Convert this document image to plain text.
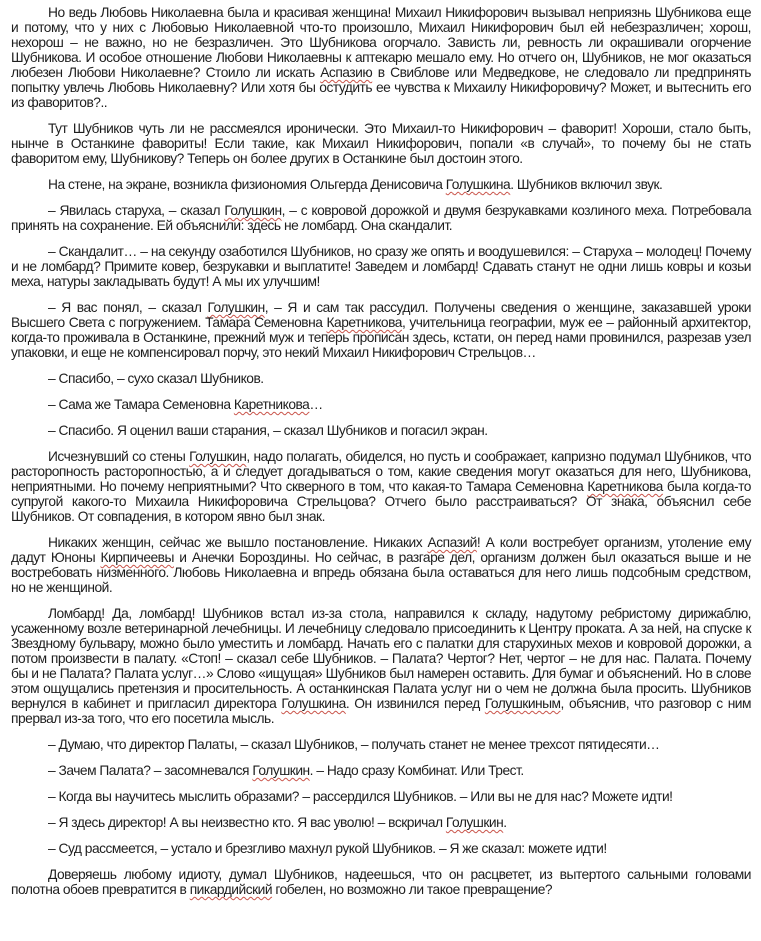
Но ведь Любовь Николаевна была и красивая женщина! Михаил Никифорович вызывал неприязнь Шубникова еще и потому, что у них с Любовью Николаевной что-то произошло, Михаил Никифорович был ей небезразличен; хорош, нехорош – не важно, но не безразличен. Это Шубникова огорчало. Зависть ли, ревность ли окрашивали огорчение Шубникова. И особое отношение Любови Николаевны к аптекарю мешало ему. Но отчего он, Шубников, не мог оказаться любезен Любови Николаевне? Стоило ли искать Аспазию в Свиблове или Медведкове, не следовало ли предпринять попытку увлечь Любовь Николаевну? Или хотя бы остудить ее чувства к Михаилу Никифоровичу? Может, и вытеснить его из фаворитов?..

Тут Шубников чуть ли не рассмеялся иронически. Это Михаил-то Никифорович – фаворит! Хороши, стало быть, нынче в Останкине фавориты! Если такие, как Михаил Никифорович, попали «в случай», то почему бы не стать фаворитом ему, Шубникову? Теперь он более других в Останкине был достоин этого.

На стене, на экране, возникла физиономия Ольгерда Денисовича Голушкина. Шубников включил звук.

– Явилась старуха, – сказал Голушкин, – с ковровой дорожкой и двумя безрукавками козлиного меха. Потребовала принять на сохранение. Ей объяснили: здесь не ломбард. Она скандалит.

– Скандалит… – на секунду озаботился Шубников, но сразу же опять и воодушевился: – Старуха – молодец! Почему и не ломбард? Примите ковер, безрукавки и выплатите! Заведем и ломбард! Сдавать станут не одни лишь ковры и козьи меха, натуры закладывать будут! А мы их улучшим!

– Я вас понял, – сказал Голушкин, – Я и сам так рассудил. Получены сведения о женщине, заказавшей уроки Высшего Света с погружением. Тамара Семеновна Каретникова, учительница географии, муж ее – районный архитектор, когда-то проживала в Останкине, прежний муж и теперь прописан здесь, кстати, он перед нами провинился, разрезав узел упаковки, и еще не компенсировал порчу, это некий Михаил Никифорович Стрельцов…

– Спасибо, – сухо сказал Шубников.

– Сама же Тамара Семеновна Каретникова…

– Спасибо. Я оценил ваши старания, – сказал Шубников и погасил экран.

Исчезнувший со стены Голушкин, надо полагать, обиделся, но пусть и соображает, капризно подумал Шубников, что расторопность расторопностью, а и следует догадываться о том, какие сведения могут оказаться для него, Шубникова, неприятными. Но почему неприятными? Что скверного в том, что какая-то Тамара Семеновна Каретникова была когда-то супругой какого-то Михаила Никифоровича Стрельцова? Отчего было расстраиваться? От знака, объяснил себе Шубников. От совпадения, в котором явно был знак.

Никаких женщин, сейчас же вышло постановление. Никаких Аспазий! А коли востребует организм, утоление ему дадут Юноны Кирпичеевы и Анечки Бороздины. Но сейчас, в разгаре дел, организм должен был оказаться выше и не востребовать низменного. Любовь Николаевна и впредь обязана была оставаться для него лишь подсобным средством, но не женщиной.

Ломбард! Да, ломбард! Шубников встал из-за стола, направился к складу, надутому ребристому дирижаблю, усаженному возле ветеринарной лечебницы. И лечебницу следовало присоединить к Центру проката. А за ней, на спуске к Звездному бульвару, можно было уместить и ломбард. Начать его с палатки для старухиных мехов и ковровой дорожки, а потом произвести в палату. «Стоп! – сказал себе Шубников. – Палата? Чертог? Нет, чертог – не для нас. Палата. Почему бы и не Палата? Палата услуг…» Слово «ищущая» Шубников был намерен оставить. Для бумаг и объяснений. Но в слове этом ощущались претензия и просительность. А останкинская Палата услуг ни о чем не должна была просить. Шубников вернулся в кабинет и пригласил директора Голушкина. Он извинился перед Голушкиным, объяснив, что разговор с ним прервал из-за того, что его посетила мысль.

– Думаю, что директор Палаты, – сказал Шубников, – получать станет не менее трехсот пятидесяти…

– Зачем Палата? – засомневался Голушкин. – Надо сразу Комбинат. Или Трест.

– Когда вы научитесь мыслить образами? – рассердился Шубников. – Или вы не для нас? Можете идти!

– Я здесь директор! А вы неизвестно кто. Я вас уволю! – вскричал Голушкин.

– Суд рассмеется, – устало и брезгливо махнул рукой Шубников. – Я же сказал: можете идти!

Доверяешь любому идиоту, думал Шубников, надеешься, что он расцветет, из вытертого сальными головами полотна обоев превратится в пикардийский гобелен, но возможно ли такое превращение?
